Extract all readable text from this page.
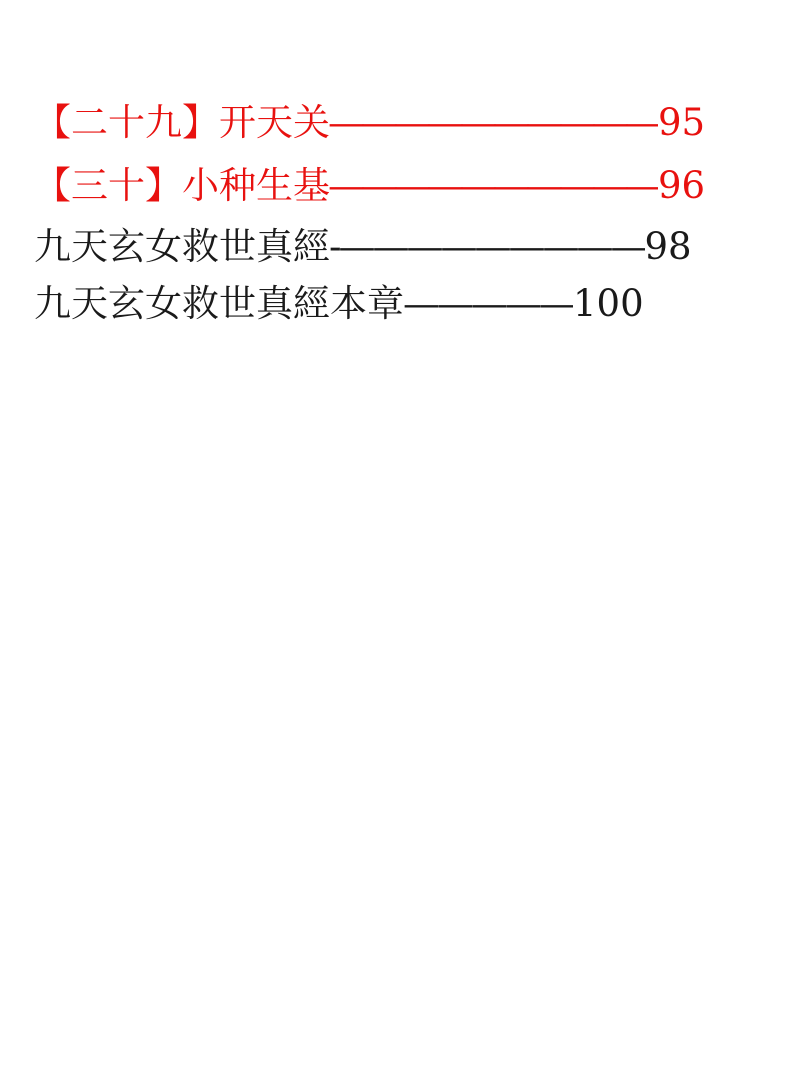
【二十九】开天关
—————————— 95
【三十】小种生基
—————————— 96
九天玄女救世真經 -————————— 98
九天玄女救世真經本章 ————— 100
